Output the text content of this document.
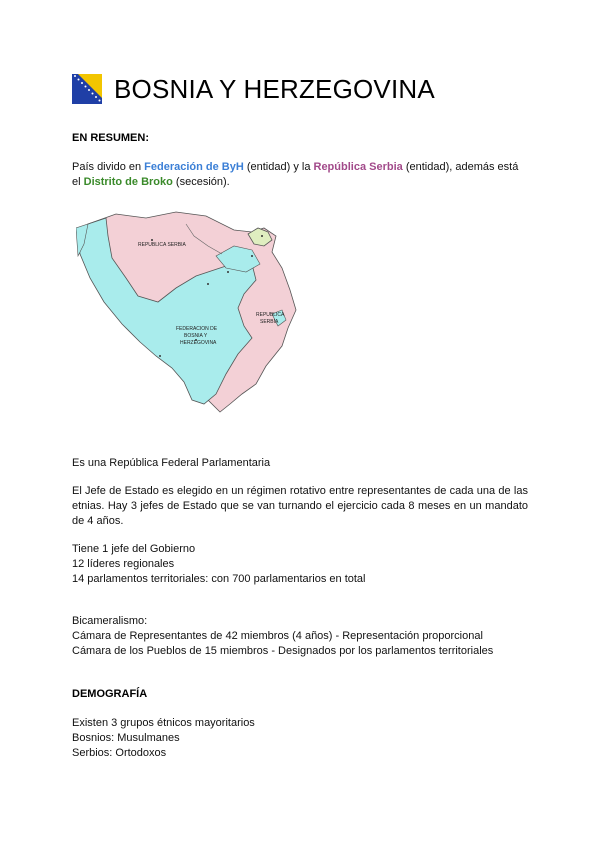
BOSNIA Y HERZEGOVINA
EN RESUMEN:
País divido en Federación de ByH (entidad) y la República Serbia (entidad), además está el Distrito de Broko (secesión).
REPUBLICA SERBIA
REPUBLICA
SERBIA
FEDERACION DE
BOSNIA Y
HERZEGOVINA
Es una República Federal Parlamentaria
El Jefe de Estado es elegido en un régimen rotativo entre representantes de cada una de las etnias. Hay 3 jefes de Estado que se van turnando el ejercicio cada 8 meses en un mandato de 4 años.
Tiene 1 jefe del Gobierno
12 líderes regionales
14 parlamentos territoriales: con 700 parlamentarios en total
Bicameralismo:
Cámara de Representantes de 42 miembros (4 años) - Representación proporcional
Cámara de los Pueblos de 15 miembros - Designados por los parlamentos territoriales
DEMOGRAFÍA
Existen 3 grupos étnicos mayoritarios
Bosnios: Musulmanes
Serbios: Ortodoxos
